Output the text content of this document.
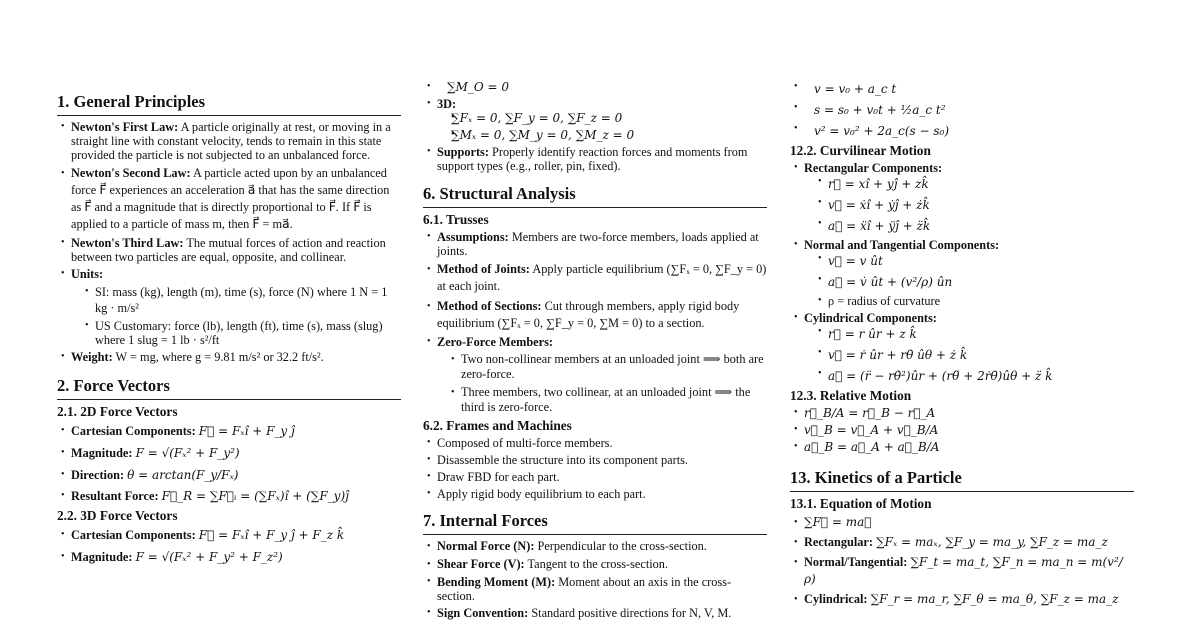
1. General Principles
• Newton's First Law: A particle originally at rest, or moving in a straight line with constant velocity, tends to remain in this state provided the particle is not subjected to an unbalanced force.
• Newton's Second Law: A particle acted upon by an unbalanced force F⃗ experiences an acceleration a⃗ that has the same direction as F⃗ and a magnitude that is directly proportional to F⃗. If F⃗ is applied to a particle of mass m, then F⃗ = ma⃗.
• Newton's Third Law: The mutual forces of action and reaction between two particles are equal, opposite, and collinear.
• Units:
• SI: mass (kg), length (m), time (s), force (N) where 1 N = 1 kg · m/s²
• US Customary: force (lb), length (ft), time (s), mass (slug) where 1 slug = 1 lb · s²/ft
• Weight: W = mg, where g = 9.81 m/s² or 32.2 ft/s².
2. Force Vectors
2.1. 2D Force Vectors
• Cartesian Components: F⃗ = Fₓî + F_y ĵ
• Magnitude: F = √(Fₓ² + F_y²)
• Direction: θ = arctan(F_y/Fₓ)
• Resultant Force: F⃗_R = ∑F⃗ᵢ = (∑Fₓ)î + (∑F_y)ĵ
2.2. 3D Force Vectors
• Cartesian Components: F⃗ = Fₓî + F_y ĵ + F_z k̂
• Magnitude: F = √(Fₓ² + F_y² + F_z²)
• ∑M_O = 0
• 3D:
• ∑Fₓ = 0, ∑F_y = 0, ∑F_z = 0
• ∑Mₓ = 0, ∑M_y = 0, ∑M_z = 0
• Supports: Properly identify reaction forces and moments from support types (e.g., roller, pin, fixed).
6. Structural Analysis
6.1. Trusses
• Assumptions: Members are two-force members, loads applied at joints.
• Method of Joints: Apply particle equilibrium (∑Fₓ = 0, ∑F_y = 0) at each joint.
• Method of Sections: Cut through members, apply rigid body equilibrium (∑Fₓ = 0, ∑F_y = 0, ∑M = 0) to a section.
• Zero-Force Members:
• Two non-collinear members at an unloaded joint ⟹ both are zero-force.
• Three members, two collinear, at an unloaded joint ⟹ the third is zero-force.
6.2. Frames and Machines
• Composed of multi-force members.
• Disassemble the structure into its component parts.
• Draw FBD for each part.
• Apply rigid body equilibrium to each part.
7. Internal Forces
• Normal Force (N): Perpendicular to the cross-section.
• Shear Force (V): Tangent to the cross-section.
• Bending Moment (M): Moment about an axis in the cross-section.
• Sign Convention: Standard positive directions for N, V, M.
• v = v₀ + a_c t
• s = s₀ + v₀t + ½a_c t²
• v² = v₀² + 2a_c(s − s₀)
12.2. Curvilinear Motion
• Rectangular Components:
• r⃗ = xî + yĵ + zk̂
• v⃗ = ẋî + ẏĵ + żk̂
• a⃗ = ẍî + ÿĵ + z̈k̂
• Normal and Tangential Components:
• v⃗ = v ût
• a⃗ = v̇ ût + (v²/ρ) ûn
• ρ = radius of curvature
• Cylindrical Components:
• r⃗ = r ûr + z k̂
• v⃗ = ṙ ûr + rθ̇ ûθ + ż k̂
• a⃗ = (r̈ − rθ̇²)ûr + (rθ̈ + 2ṙθ̇)ûθ + z̈ k̂
12.3. Relative Motion
• r⃗_B/A = r⃗_B − r⃗_A
• v⃗_B = v⃗_A + v⃗_B/A
• a⃗_B = a⃗_A + a⃗_B/A
13. Kinetics of a Particle
13.1. Equation of Motion
• ∑F⃗ = ma⃗
• Rectangular: ∑Fₓ = maₓ, ∑F_y = ma_y, ∑F_z = ma_z
• Normal/Tangential: ∑F_t = ma_t, ∑F_n = ma_n = m(v²/ρ)
• Cylindrical: ∑F_r = ma_r, ∑F_θ = ma_θ, ∑F_z = ma_z
